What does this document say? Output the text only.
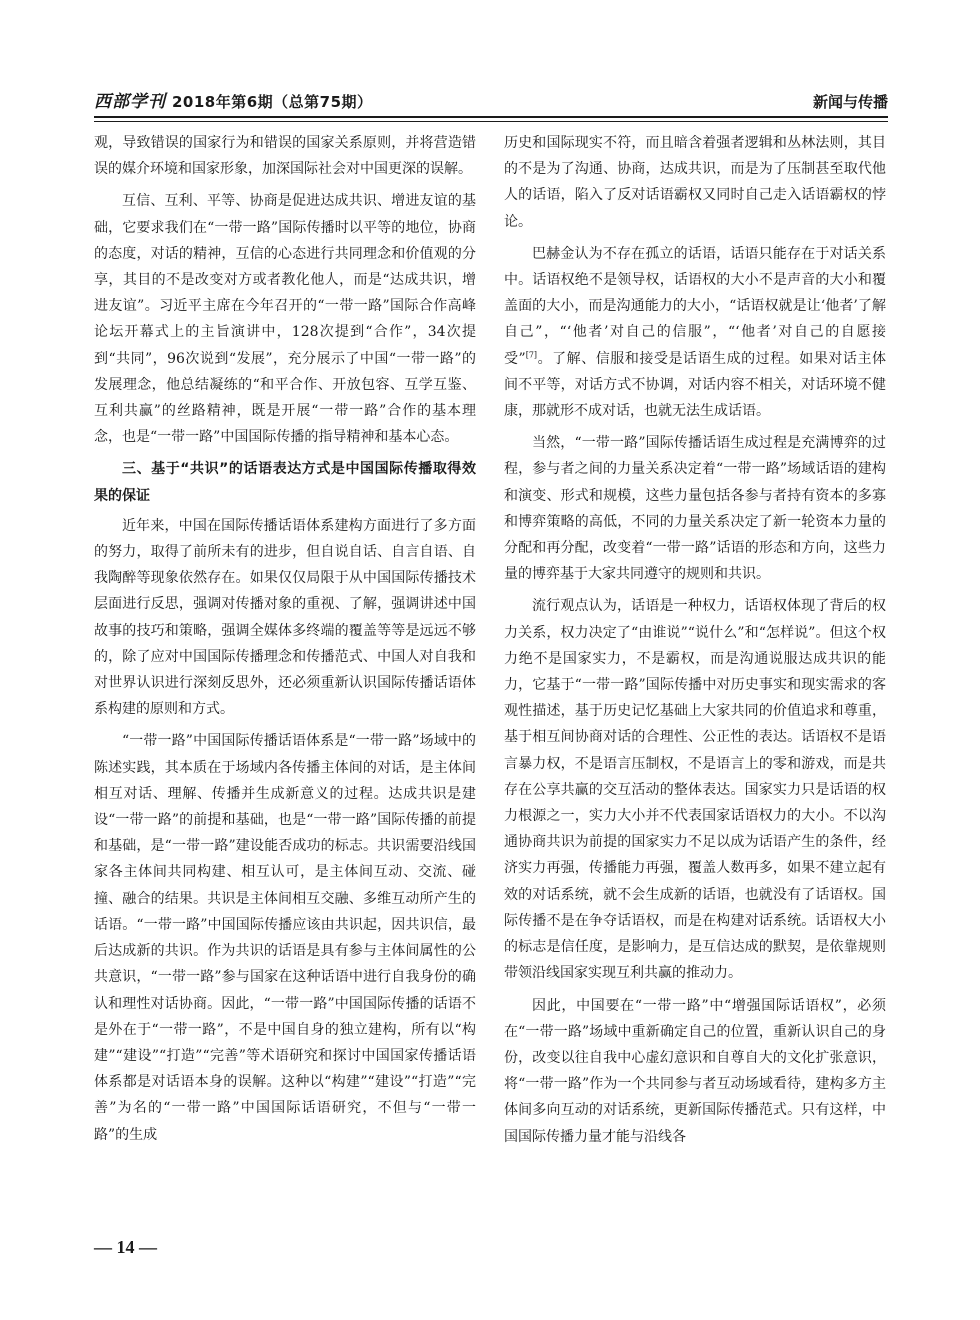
西部学刊 2018年第6期（总第75期）	新闻与传播

观，导致错误的国家行为和错误的国家关系原则，并将营造错误的媒介环境和国家形象，加深国际社会对中国更深的误解。

互信、互利、平等、协商是促进达成共识、增进友谊的基础，它要求我们在“一带一路”国际传播时以平等的地位，协商的态度，对话的精神，互信的心态进行共同理念和价值观的分享，其目的不是改变对方或者教化他人，而是“达成共识，增进友谊”。习近平主席在今年召开的“一带一路”国际合作高峰论坛开幕式上的主旨演讲中，128次提到“合作”，34次提到“共同”，96次说到“发展”，充分展示了中国“一带一路”的发展理念，他总结凝练的“和平合作、开放包容、互学互鉴、互利共赢”的丝路精神，既是开展“一带一路”合作的基本理念，也是“一带一路”中国国际传播的指导精神和基本心态。

三、基于“共识”的话语表达方式是中国国际传播取得效果的保证

近年来，中国在国际传播话语体系建构方面进行了多方面的努力，取得了前所未有的进步，但自说自话、自言自语、自我陶醉等现象依然存在。如果仅仅局限于从中国国际传播技术层面进行反思，强调对传播对象的重视、了解，强调讲述中国故事的技巧和策略，强调全媒体多终端的覆盖等等是远远不够的，除了应对中国国际传播理念和传播范式、中国人对自我和对世界认识进行深刻反思外，还必须重新认识国际传播话语体系构建的原则和方式。

“一带一路”中国国际传播话语体系是“一带一路”场域中的陈述实践，其本质在于场域内各传播主体间的对话，是主体间相互对话、理解、传播并生成新意义的过程。达成共识是建设“一带一路”的前提和基础，也是“一带一路”国际传播的前提和基础，是“一带一路”建设能否成功的标志。共识需要沿线国家各主体间共同构建、相互认可，是主体间互动、交流、碰撞、融合的结果。共识是主体间相互交融、多维互动所产生的话语。“一带一路”中国国际传播应该由共识起，因共识信，最后达成新的共识。作为共识的话语是具有参与主体间属性的公共意识，“一带一路”参与国家在这种话语中进行自我身份的确认和理性对话协商。因此，“一带一路”中国国际传播的话语不是外在于“一带一路”，不是中国自身的独立建构，所有以“构建”“建设”“打造”“完善”等术语研究和探讨中国国家传播话语体系都是对话语本身的误解。这种以“构建”“建设”“打造”“完善”为名的“一带一路”中国国际话语研究，不但与“一带一路”的生成

历史和国际现实不符，而且暗含着强者逻辑和丛林法则，其目的不是为了沟通、协商，达成共识，而是为了压制甚至取代他人的话语，陷入了反对话语霸权又同时自己走入话语霸权的悖论。

巴赫金认为不存在孤立的话语，话语只能存在于对话关系中。话语权绝不是领导权，话语权的大小不是声音的大小和覆盖面的大小，而是沟通能力的大小，“话语权就是让‘他者’了解自己”，“‘他者’对自己的信服”，“‘他者’对自己的自愿接受”[7]。了解、信服和接受是话语生成的过程。如果对话主体间不平等，对话方式不协调，对话内容不相关，对话环境不健康，那就形不成对话，也就无法生成话语。

当然，“一带一路”国际传播话语生成过程是充满博弈的过程，参与者之间的力量关系决定着“一带一路”场域话语的建构和演变、形式和规模，这些力量包括各参与者持有资本的多寡和博弈策略的高低，不同的力量关系决定了新一轮资本力量的分配和再分配，改变着“一带一路”话语的形态和方向，这些力量的博弈基于大家共同遵守的规则和共识。

流行观点认为，话语是一种权力，话语权体现了背后的权力关系，权力决定了“由谁说”“说什么”和“怎样说”。但这个权力绝不是国家实力，不是霸权，而是沟通说服达成共识的能力，它基于“一带一路”国际传播中对历史事实和现实需求的客观性描述，基于历史记忆基础上大家共同的价值追求和尊重，基于相互间协商对话的合理性、公正性的表达。话语权不是语言暴力权，不是语言压制权，不是语言上的零和游戏，而是共存在公享共赢的交互活动的整体表达。国家实力只是话语的权力根源之一，实力大小并不代表国家话语权力的大小。不以沟通协商共识为前提的国家实力不足以成为话语产生的条件，经济实力再强，传播能力再强，覆盖人数再多，如果不建立起有效的对话系统，就不会生成新的话语，也就没有了话语权。国际传播不是在争夺话语权，而是在构建对话系统。话语权大小的标志是信任度，是影响力，是互信达成的默契，是依靠规则带领沿线国家实现互利共赢的推动力。

因此，中国要在“一带一路”中“增强国际话语权”，必须在“一带一路”场域中重新确定自己的位置，重新认识自己的身份，改变以往自我中心虚幻意识和自尊自大的文化扩张意识，将“一带一路”作为一个共同参与者互动场域看待，建构多方主体间多向互动的对话系统，更新国际传播范式。只有这样，中国国际传播力量才能与沿线各

— 14 —
